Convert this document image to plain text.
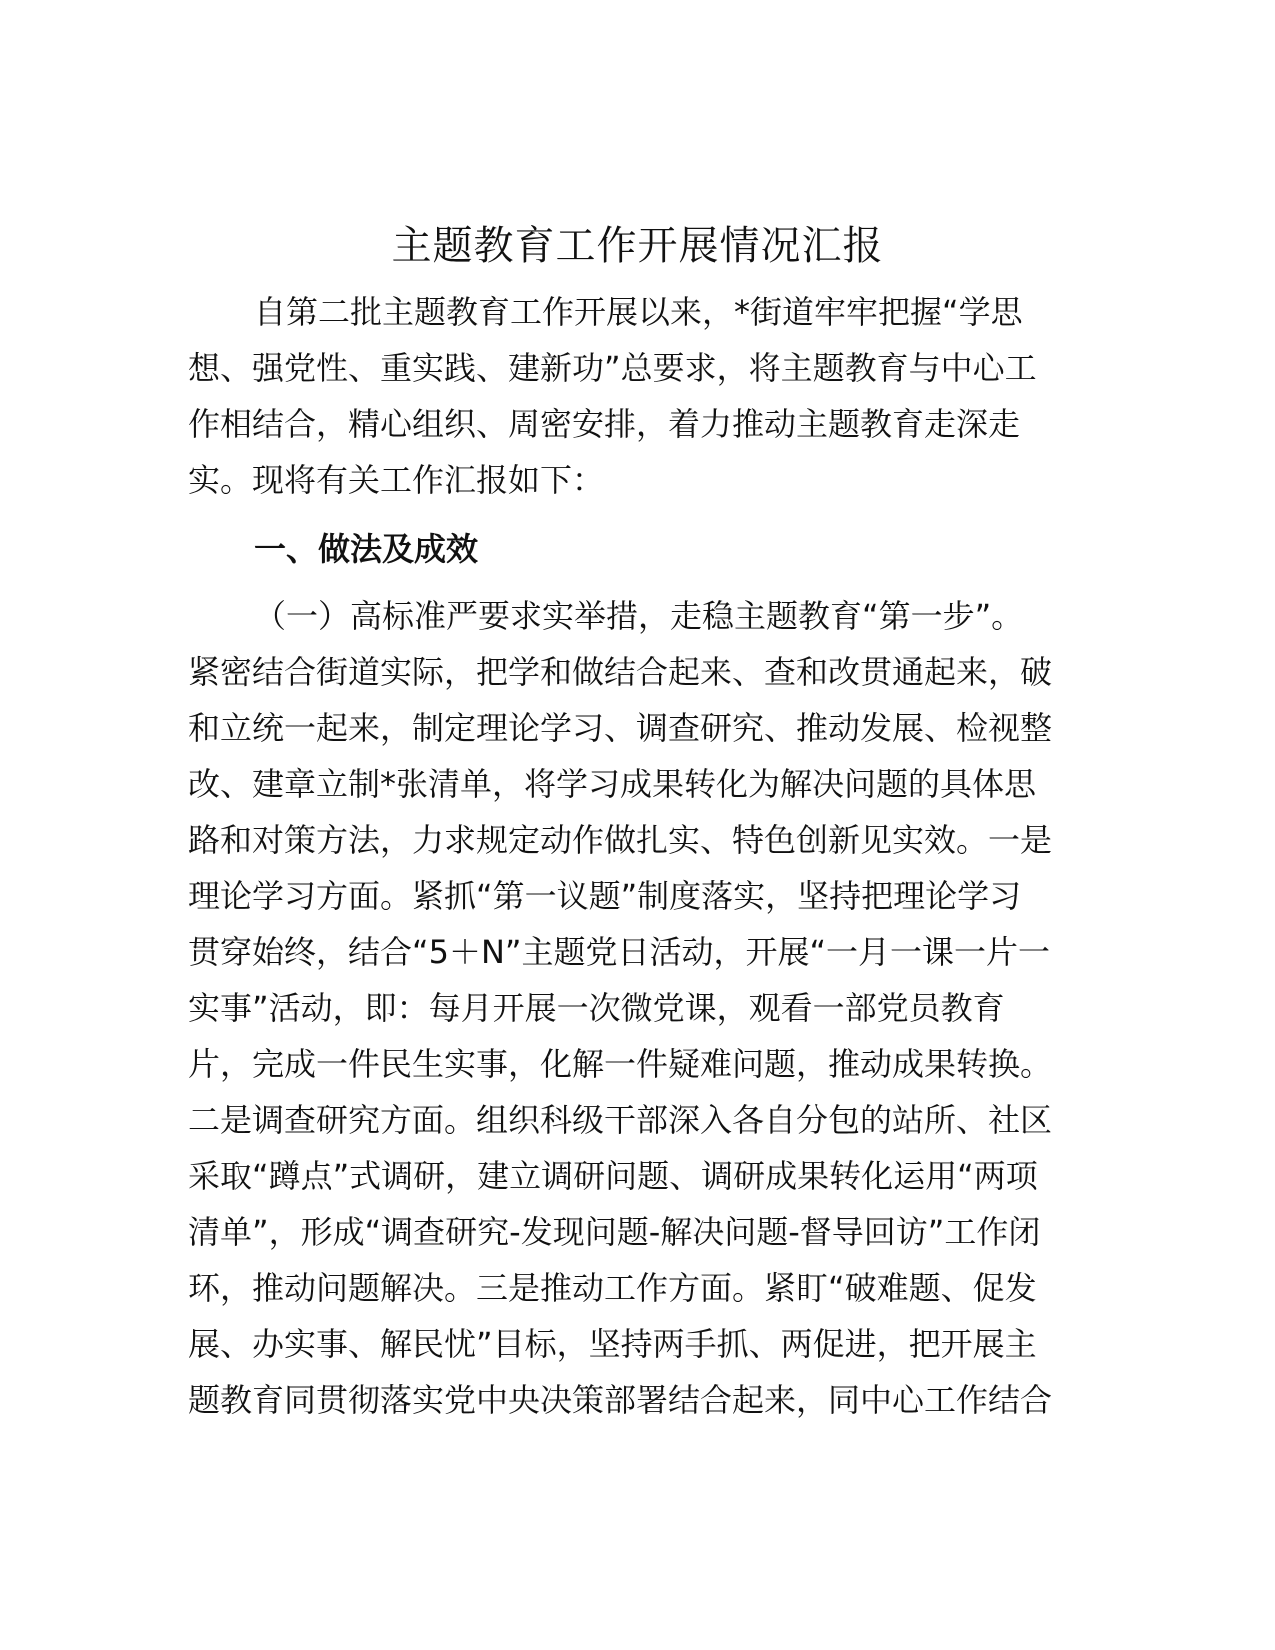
主题教育工作开展情况汇报
自第二批主题教育工作开展以来，*街道牢牢把握“学思
想、强党性、重实践、建新功”总要求，将主题教育与中心工
作相结合，精心组织、周密安排，着力推动主题教育走深走
实。现将有关工作汇报如下：
一、做法及成效
（一）高标准严要求实举措，走稳主题教育“第一步”。
紧密结合街道实际，把学和做结合起来、查和改贯通起来，破
和立统一起来，制定理论学习、调查研究、推动发展、检视整
改、建章立制*张清单，将学习成果转化为解决问题的具体思
路和对策方法，力求规定动作做扎实、特色创新见实效。一是
理论学习方面。紧抓“第一议题”制度落实，坚持把理论学习
贯穿始终，结合“5＋N”主题党日活动，开展“一月一课一片一
实事”活动，即：每月开展一次微党课，观看一部党员教育
片，完成一件民生实事，化解一件疑难问题，推动成果转换。
二是调查研究方面。组织科级干部深入各自分包的站所、社区
采取“蹲点”式调研，建立调研问题、调研成果转化运用“两项
清单”，形成“调查研究-发现问题-解决问题-督导回访”工作闭
环，推动问题解决。三是推动工作方面。紧盯“破难题、促发
展、办实事、解民忧”目标，坚持两手抓、两促进，把开展主
题教育同贯彻落实党中央决策部署结合起来，同中心工作结合
